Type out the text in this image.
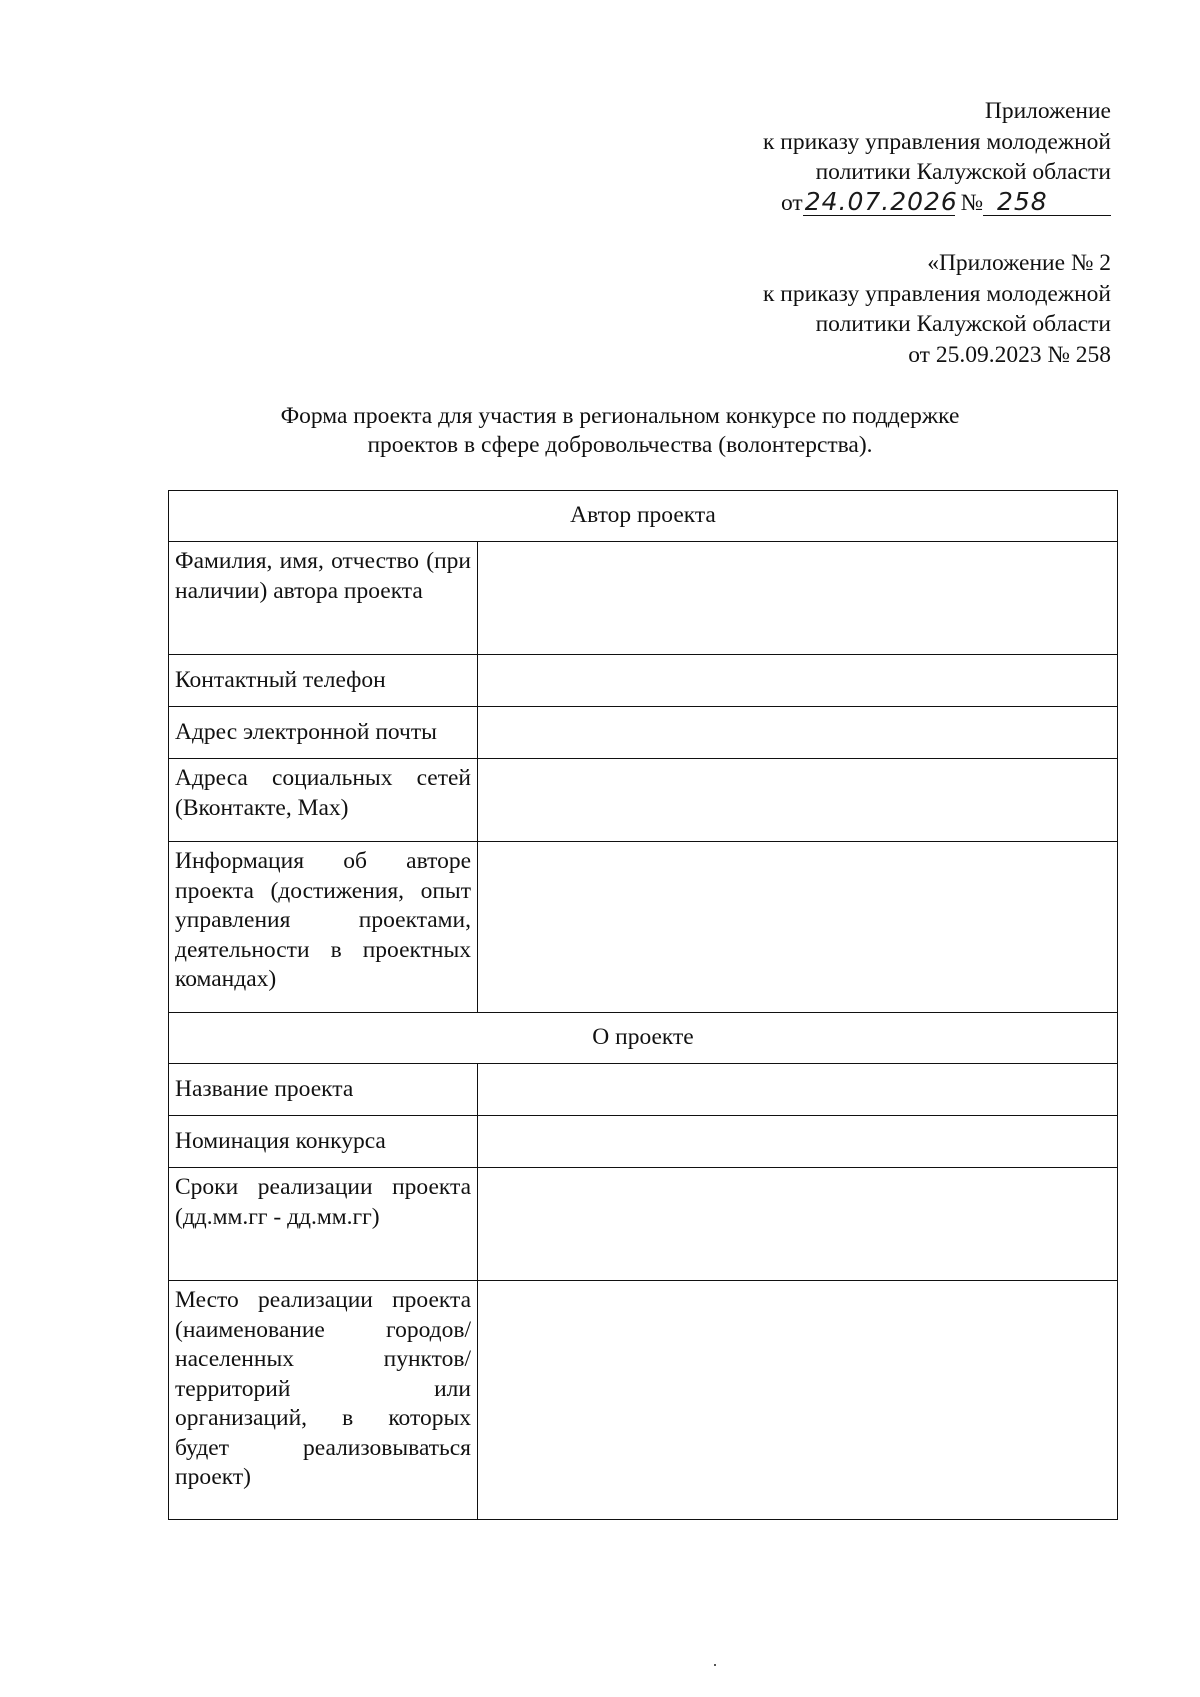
Приложение
к приказу управления молодежной
политики Калужской области
от24.07.2026 № 258
«Приложение № 2
к приказу управления молодежной
политики Калужской области
от 25.09.2023 № 258
Форма проекта для участия в региональном конкурсе по поддержке
проектов в сфере добровольчества (волонтерства).
Автор проекта	
Фамилия, имя, отчество (при наличии) автора проекта	
Контактный телефон	
Адрес электронной почты	
Адреса социальных сетей (Вконтакте, Max)	
Информация об авторе проекта (достижения, опыт управления проектами, деятельности в проектных командах)	
О проекте	
Название проекта	
Номинация конкурса	
Сроки реализации проекта (дд.мм.гг - дд.мм.гг)	
Место реализации проекта (наименование городов/населенных пунктов/территорий или организаций, в которых будет реализовываться проект)	
